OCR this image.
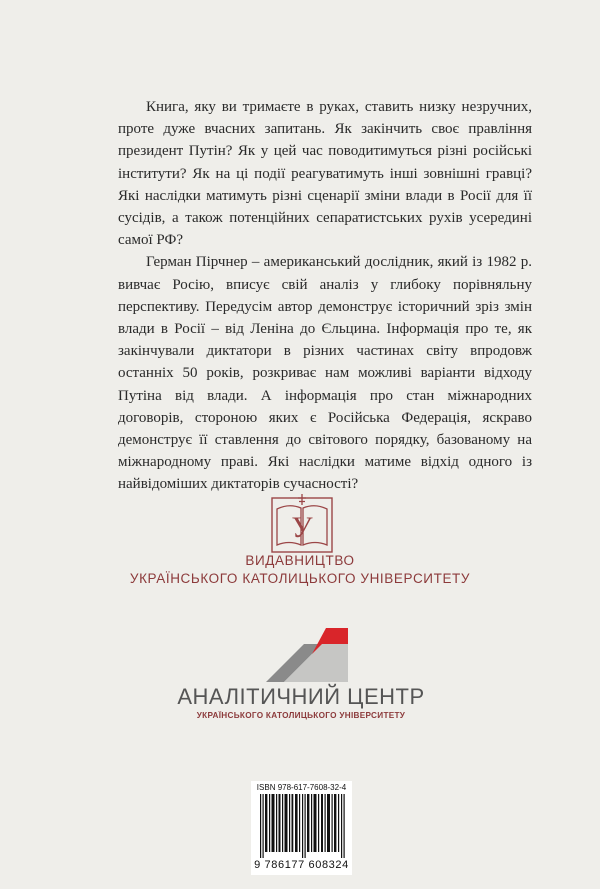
Книга, яку ви тримаєте в руках, ставить низку незручних, проте дуже вчасних запитань. Як закінчить своє правління президент Путін? Як у цей час поводитимуться різні російські інститути? Як на ці події реагуватимуть інші зовнішні гравці? Які наслідки матимуть різні сценарії зміни влади в Росії для її сусідів, а також потенційних сепаратистських рухів усередині самої РФ?

Герман Пірчнер – американський дослідник, який із 1982 р. вивчає Росію, вписує свій аналіз у глибоку порівняльну перспективу. Передусім автор демонструє історичний зріз змін влади в Росії – від Леніна до Єльцина. Інформація про те, як закінчували диктатори в різних частинах світу впродовж останніх 50 років, розкриває нам можливі варіанти відходу Путіна від влади. А інформація про стан міжнародних договорів, стороною яких є Російська Федерація, яскраво демонструє її ставлення до світового порядку, базованому на міжнародному праві. Які наслідки матиме відхід одного із найвідоміших диктаторів сучасності?

У
ВИДАВНИЦТВО
УКРАЇНСЬКОГО КАТОЛИЦЬКОГО УНІВЕРСИТЕТУ
АНАЛІТИЧНИЙ ЦЕНТР
УКРАЇНСЬКОГО КАТОЛИЦЬКОГО УНІВЕРСИТЕТУ
ISBN 978-617-7608-32-4
9 786177 608324
